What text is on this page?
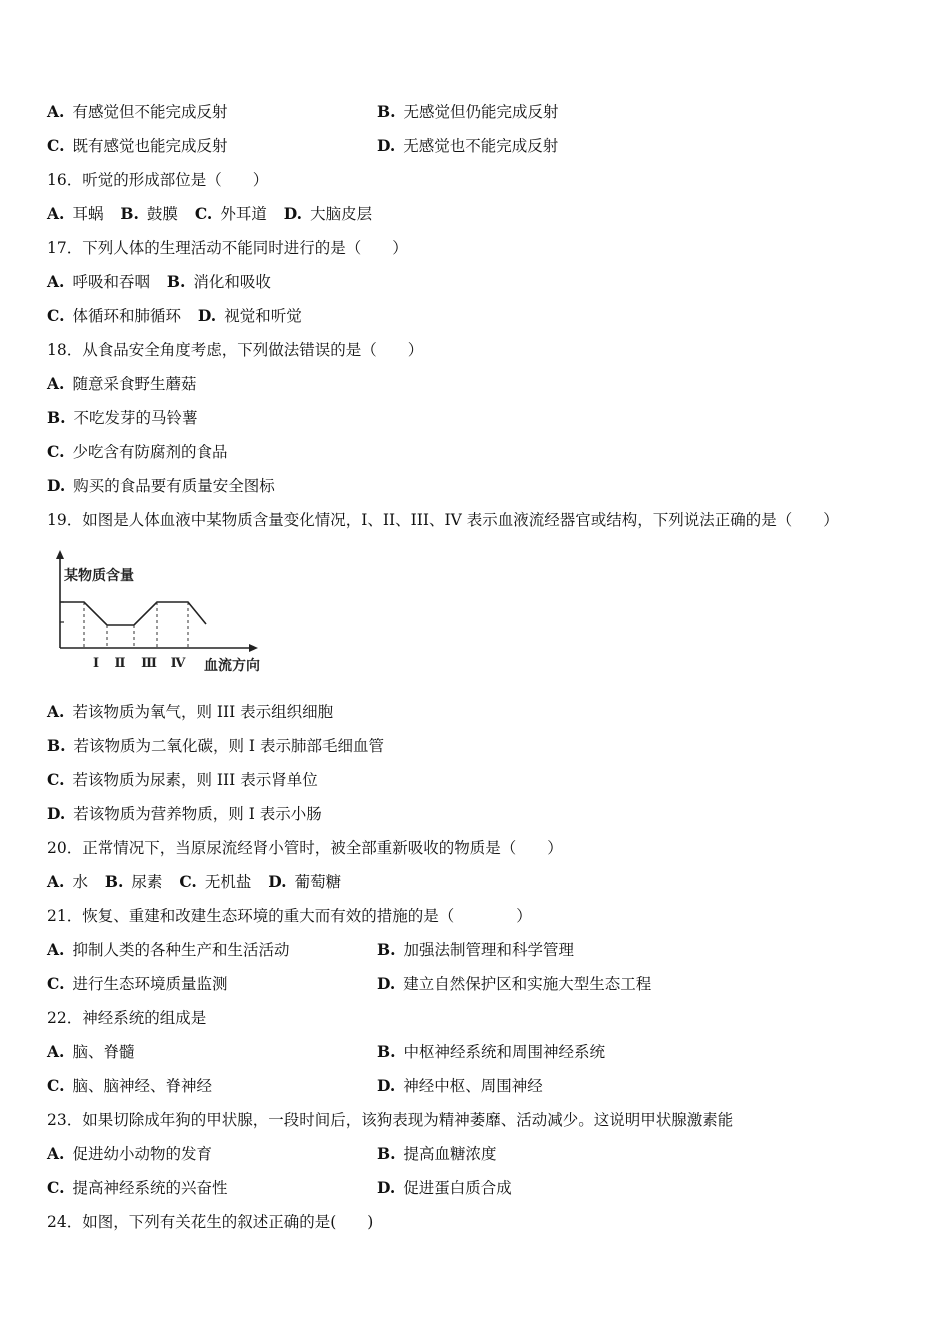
A. 有感觉但不能完成反射	B. 无感觉但仍能完成反射
C. 既有感觉也能完成反射	D. 无感觉也不能完成反射
16．听觉的形成部位是（　　）
A. 耳蜗 B. 鼓膜 C. 外耳道 D. 大脑皮层
17．下列人体的生理活动不能同时进行的是（　　）
A. 呼吸和吞咽 B. 消化和吸收
C. 体循环和肺循环 D. 视觉和听觉
18．从食品安全角度考虑，下列做法错误的是（　　）
A. 随意采食野生蘑菇
B. 不吃发芽的马铃薯
C. 少吃含有防腐剂的食品
D. 购买的食品要有质量安全图标
19．如图是人体血液中某物质含量变化情况，I、II、III、IV 表示血液流经器官或结构，下列说法正确的是（　　）
某物质含量
血流方向
Ⅰ Ⅱ Ⅲ Ⅳ
A. 若该物质为氧气，则 III 表示组织细胞
B. 若该物质为二氧化碳，则 I 表示肺部毛细血管
C. 若该物质为尿素，则 III 表示肾单位
D. 若该物质为营养物质，则 I 表示小肠
20．正常情况下，当原尿流经肾小管时，被全部重新吸收的物质是（　　）
A. 水 B. 尿素 C. 无机盐 D. 葡萄糖
21．恢复、重建和改建生态环境的重大而有效的措施的是（　　　　）
A. 抑制人类的各种生产和生活活动	B. 加强法制管理和科学管理
C. 进行生态环境质量监测	D. 建立自然保护区和实施大型生态工程
22．神经系统的组成是
A. 脑、脊髓	B. 中枢神经系统和周围神经系统
C. 脑、脑神经、脊神经	D. 神经中枢、周围神经
23．如果切除成年狗的甲状腺，一段时间后，该狗表现为精神萎靡、活动减少。这说明甲状腺激素能
A. 促进幼小动物的发育	B. 提高血糖浓度
C. 提高神经系统的兴奋性	D. 促进蛋白质合成
24．如图，下列有关花生的叙述正确的是(　　)
